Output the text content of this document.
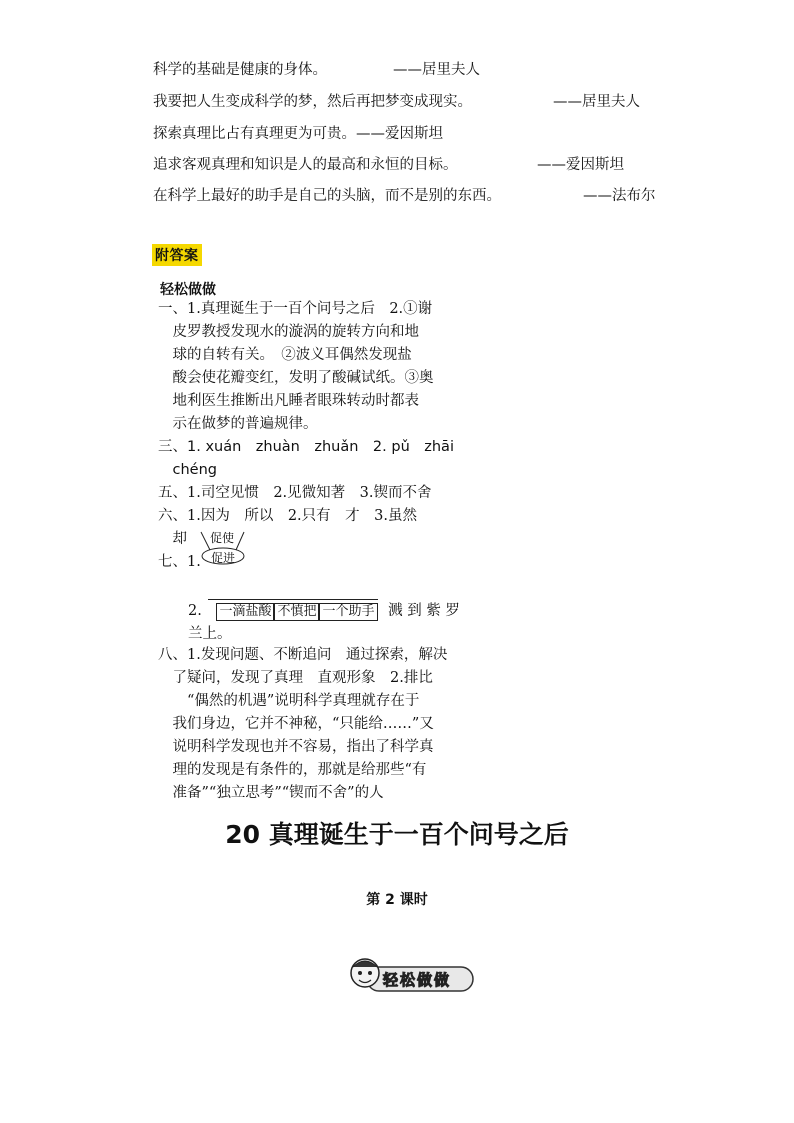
科学的基础是健康的身体。	——居里夫人
我要把人生变成科学的梦，然后再把梦变成现实。	——居里夫人
探索真理比占有真理更为可贵。——爱因斯坦
追求客观真理和知识是人的最高和永恒的目标。	——爱因斯坦
在科学上最好的助手是自己的头脑，而不是别的东西。	——法布尔
附答案
轻松做做
一、1.真理诞生于一百个问号之后　2.①谢
　皮罗教授发现水的漩涡的旋转方向和地
　球的自转有关。　②波义耳偶然发现盐
　酸会使花瓣变红，发明了酸碱试纸。③奥
　地利医生推断出凡睡者眼珠转动时都表
　示在做梦的普遍规律。
三、1. xuán　zhuàn　zhuǎn　2. pǔ　zhāi
　chéng
五、1.司空见惯　2.见微知著　3.锲而不舍
六、1.因为　所以　2.只有　才　3.虽然
　却
七、1.
促使
促进
2. 一滴盐酸 不慎把 一个助手 溅 到 紫 罗
兰上。
八、1.发现问题、不断追问　通过探索，解决
　了疑问，发现了真理　直观形象　2.排比
　　“偶然的机遇”说明科学真理就存在于
　我们身边，它并不神秘，“只能给……”又
　说明科学发现也并不容易，指出了科学真
　理的发现是有条件的，那就是给那些“有
　准备”“独立思考”“锲而不舍”的人
20 真理诞生于一百个问号之后
第 2 课时
轻松做做
